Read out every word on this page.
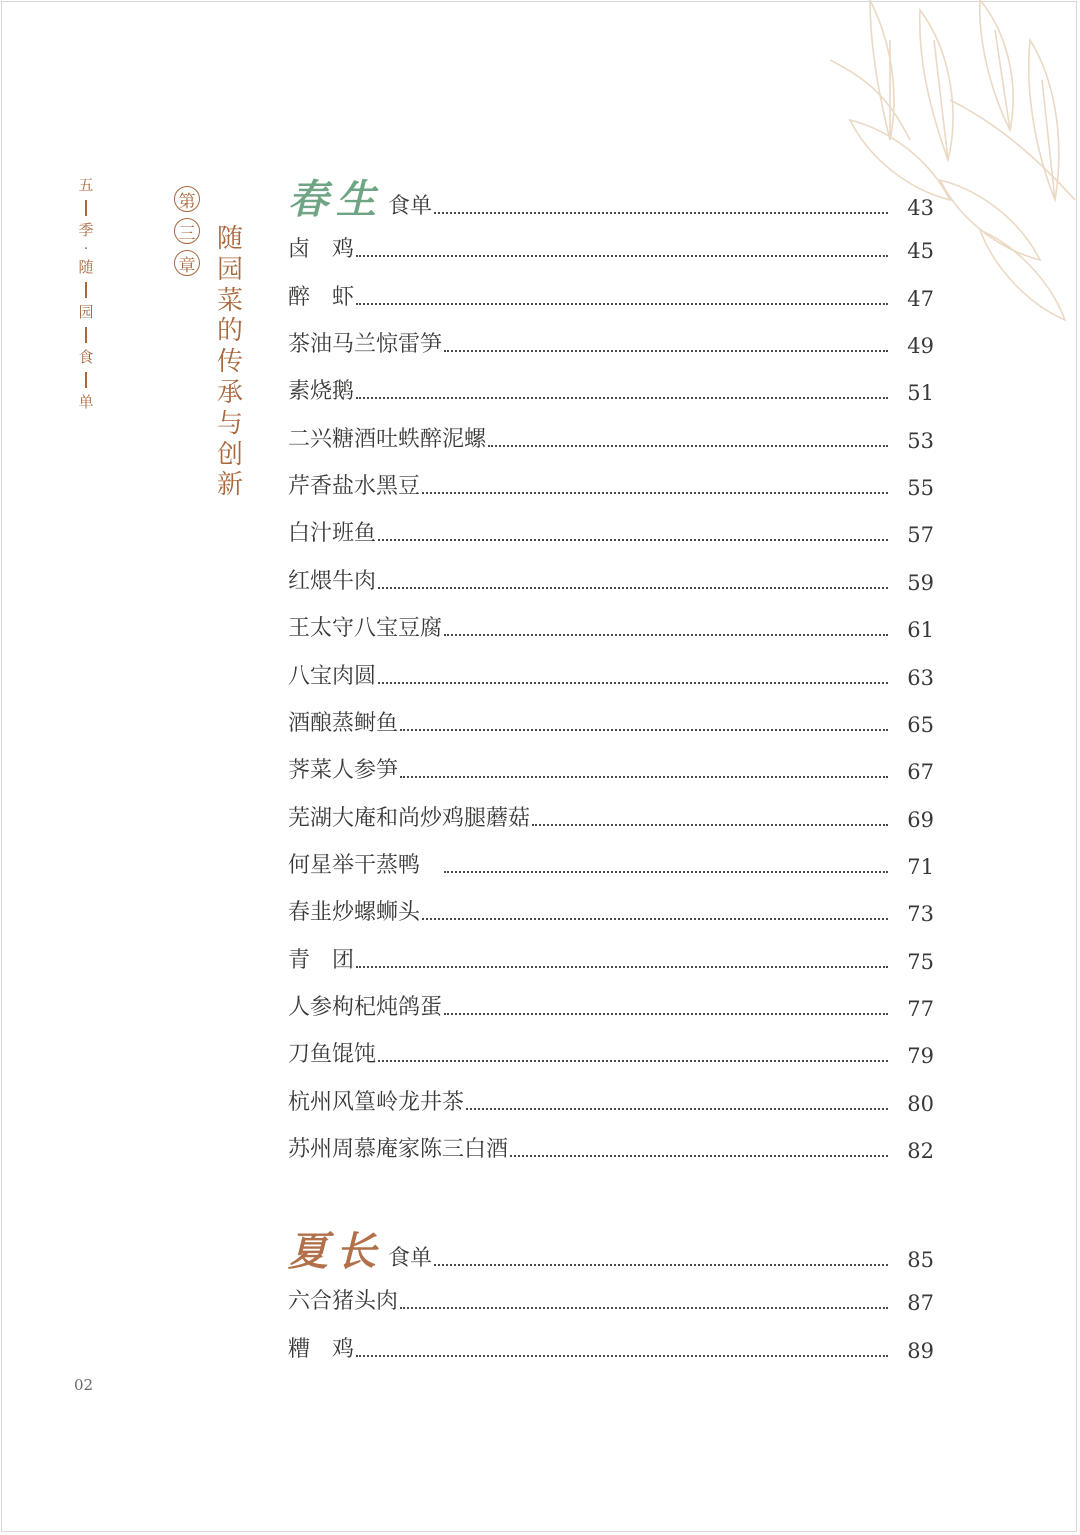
五
季
·
随
园
食
单
第
三
章
随
园
菜
的
传
承
与
创
新
春生 食单	43
卤　鸡	45
醉　虾	47
茶油马兰惊雷笋	49
素烧鹅	51
二兴糖酒吐蛈醉泥螺	53
芹香盐水黑豆	55
白汁班鱼	57
红煨牛肉	59
王太守八宝豆腐	61
八宝肉圆	63
酒酿蒸鲥鱼	65
荠菜人参笋	67
芜湖大庵和尚炒鸡腿蘑菇	69
何星举干蒸鸭　	71
春韭炒螺蛳头	73
青　团	75
人参枸杞炖鸽蛋	77
刀鱼馄饨	79
杭州风篁岭龙井茶	80
苏州周慕庵家陈三白酒	82
夏长 食单	85
六合猪头肉	87
糟　鸡	89
02
